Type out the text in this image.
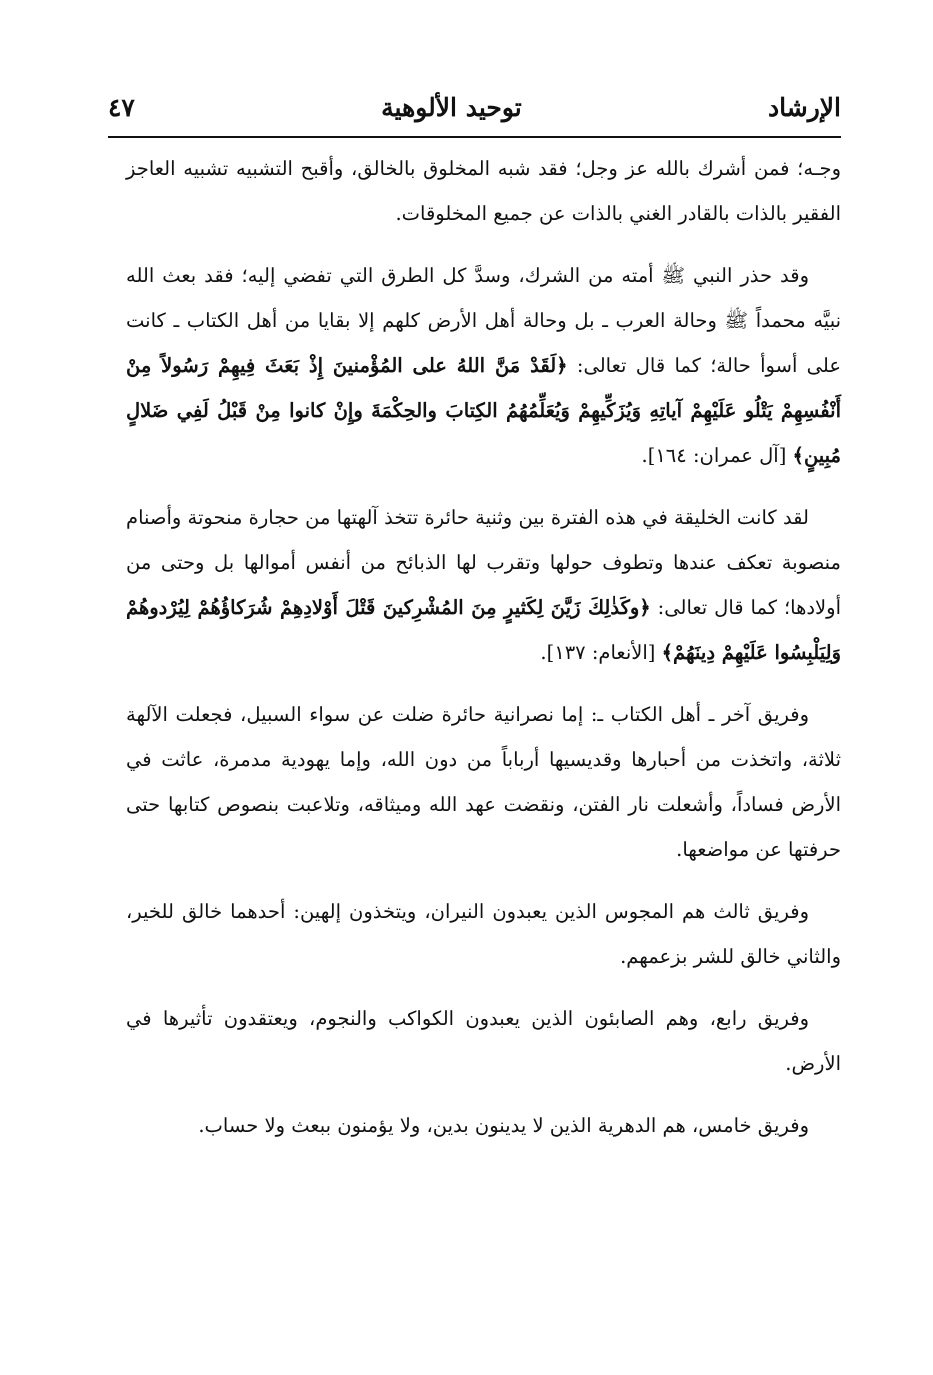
٤٧	توحيد الألوهية	الإرشاد

وجـه؛ فمن أشرك بالله عز وجل؛ فقد شبه المخلوق بالخالق، وأقبح التشبيه تشبيه العاجز الفقير بالذات بالقادر الغني بالذات عن جميع المخلوقات.

وقد حذر النبي ﷺ أمته من الشرك، وسدَّ كل الطرق التي تفضي إليه؛ فقد بعث الله نبيَّه محمداً ﷺ وحالة العرب ـ بل وحالة أهل الأرض كلهم إلا بقايا من أهل الكتاب ـ كانت على أسوأ حالة؛ كما قال تعالى: ﴿لَقَدْ مَنَّ اللهُ على المُؤْمنينَ إِذْ بَعَثَ فِيهِمْ رَسُولاً مِنْ أَنْفُسِهِمْ يَتْلُو عَلَيْهِمْ آياتِهِ وَيُزَكِّيهِمْ وَيُعَلِّمُهُمُ الكِتابَ والحِكْمَةَ وإِنْ كانوا مِنْ قَبْلُ لَفِي ضَلالٍ مُبِينٍ﴾ [آل عمران: ١٦٤].

لقد كانت الخليقة في هذه الفترة بين وثنية حائرة تتخذ آلهتها من حجارة منحوتة وأصنام منصوبة تعكف عندها وتطوف حولها وتقرب لها الذبائح من أنفس أموالها بل وحتى من أولادها؛ كما قال تعالى: ﴿وكَذٰلِكَ زَيَّنَ لِكَثيرٍ مِنَ المُشْرِكينَ قَتْلَ أَوْلادِهِمْ شُرَكاؤُهُمْ لِيُرْدوهُمْ وَلِيَلْبِسُوا عَلَيْهِمْ دِينَهُمْ﴾ [الأنعام: ١٣٧].

وفريق آخر ـ أهل الكتاب ـ: إما نصرانية حائرة ضلت عن سواء السبيل، فجعلت الآلهة ثلاثة، واتخذت من أحبارها وقديسيها أرباباً من دون الله، وإما يهودية مدمرة، عاثت في الأرض فساداً، وأشعلت نار الفتن، ونقضت عهد الله وميثاقه، وتلاعبت بنصوص كتابها حتى حرفتها عن مواضعها.

وفريق ثالث هم المجوس الذين يعبدون النيران، ويتخذون إلهين: أحدهما خالق للخير، والثاني خالق للشر بزعمهم.

وفريق رابع، وهم الصابئون الذين يعبدون الكواكب والنجوم، ويعتقدون تأثيرها في الأرض.

وفريق خامس، هم الدهرية الذين لا يدينون بدين، ولا يؤمنون ببعث ولا حساب.
